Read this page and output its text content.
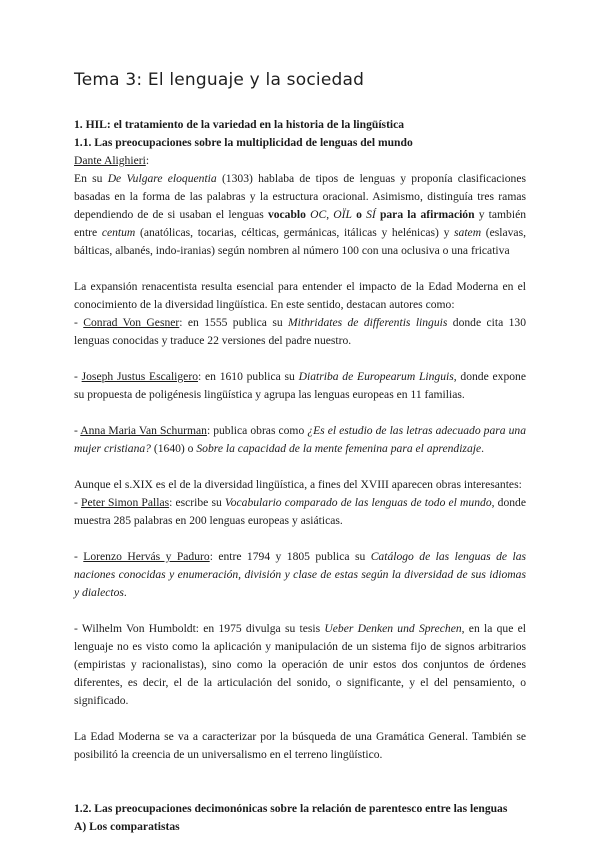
Tema 3: El lenguaje y la sociedad
1. HIL: el tratamiento de la variedad en la historia de la lingüística
1.1. Las preocupaciones sobre la multiplicidad de lenguas del mundo

Dante Alighieri:
En su De Vulgare eloquentia (1303) hablaba de tipos de lenguas y proponía clasificaciones basadas en la forma de las palabras y la estructura oracional. Asimismo, distinguía tres ramas dependiendo de de si usaban el lenguas vocablo OC, OÏL o SÍ para la afirmación y también entre centum (anatólicas, tocarias, célticas, germánicas, itálicas y helénicas) y satem (eslavas, bálticas, albanés, indo-iranias) según nombren al número 100 con una oclusiva o una fricativa

La expansión renacentista resulta esencial para entender el impacto de la Edad Moderna en el conocimiento de la diversidad lingüística. En este sentido, destacan autores como:

- Conrad Von Gesner: en 1555 publica su Mithridates de differentis linguis donde cita 130 lenguas conocidas y traduce 22 versiones del padre nuestro.

- Joseph Justus Escaligero: en 1610 publica su Diatriba de Europearum Linguis, donde expone su propuesta de poligénesis lingüística y agrupa las lenguas europeas en 11 familias.

- Anna Maria Van Schurman: publica obras como ¿Es el estudio de las letras adecuado para una mujer cristiana? (1640) o Sobre la capacidad de la mente femenina para el aprendizaje.

Aunque el s.XIX es el de la diversidad lingüística, a fines del XVIII aparecen obras interesantes:

- Peter Simon Pallas: escribe su Vocabulario comparado de las lenguas de todo el mundo, donde muestra 285 palabras en 200 lenguas europeas y asiáticas.

- Lorenzo Hervás y Paduro: entre 1794 y 1805 publica su Catálogo de las lenguas de las naciones conocidas y enumeración, división y clase de estas según la diversidad de sus idiomas y dialectos.

- Wilhelm Von Humboldt: en 1975 divulga su tesis Ueber Denken und Sprechen, en la que el lenguaje no es visto como la aplicación y manipulación de un sistema fijo de signos arbitrarios (empiristas y racionalistas), sino como la operación de unir estos dos conjuntos de órdenes diferentes, es decir, el de la articulación del sonido, o significante, y el del pensamiento, o significado.

La Edad Moderna se va a caracterizar por la búsqueda de una Gramática General. También se posibilitó la creencia de un universalismo en el terreno lingüístico.

1.2. Las preocupaciones decimonónicas sobre la relación de parentesco entre las lenguas
A) Los comparatistas
